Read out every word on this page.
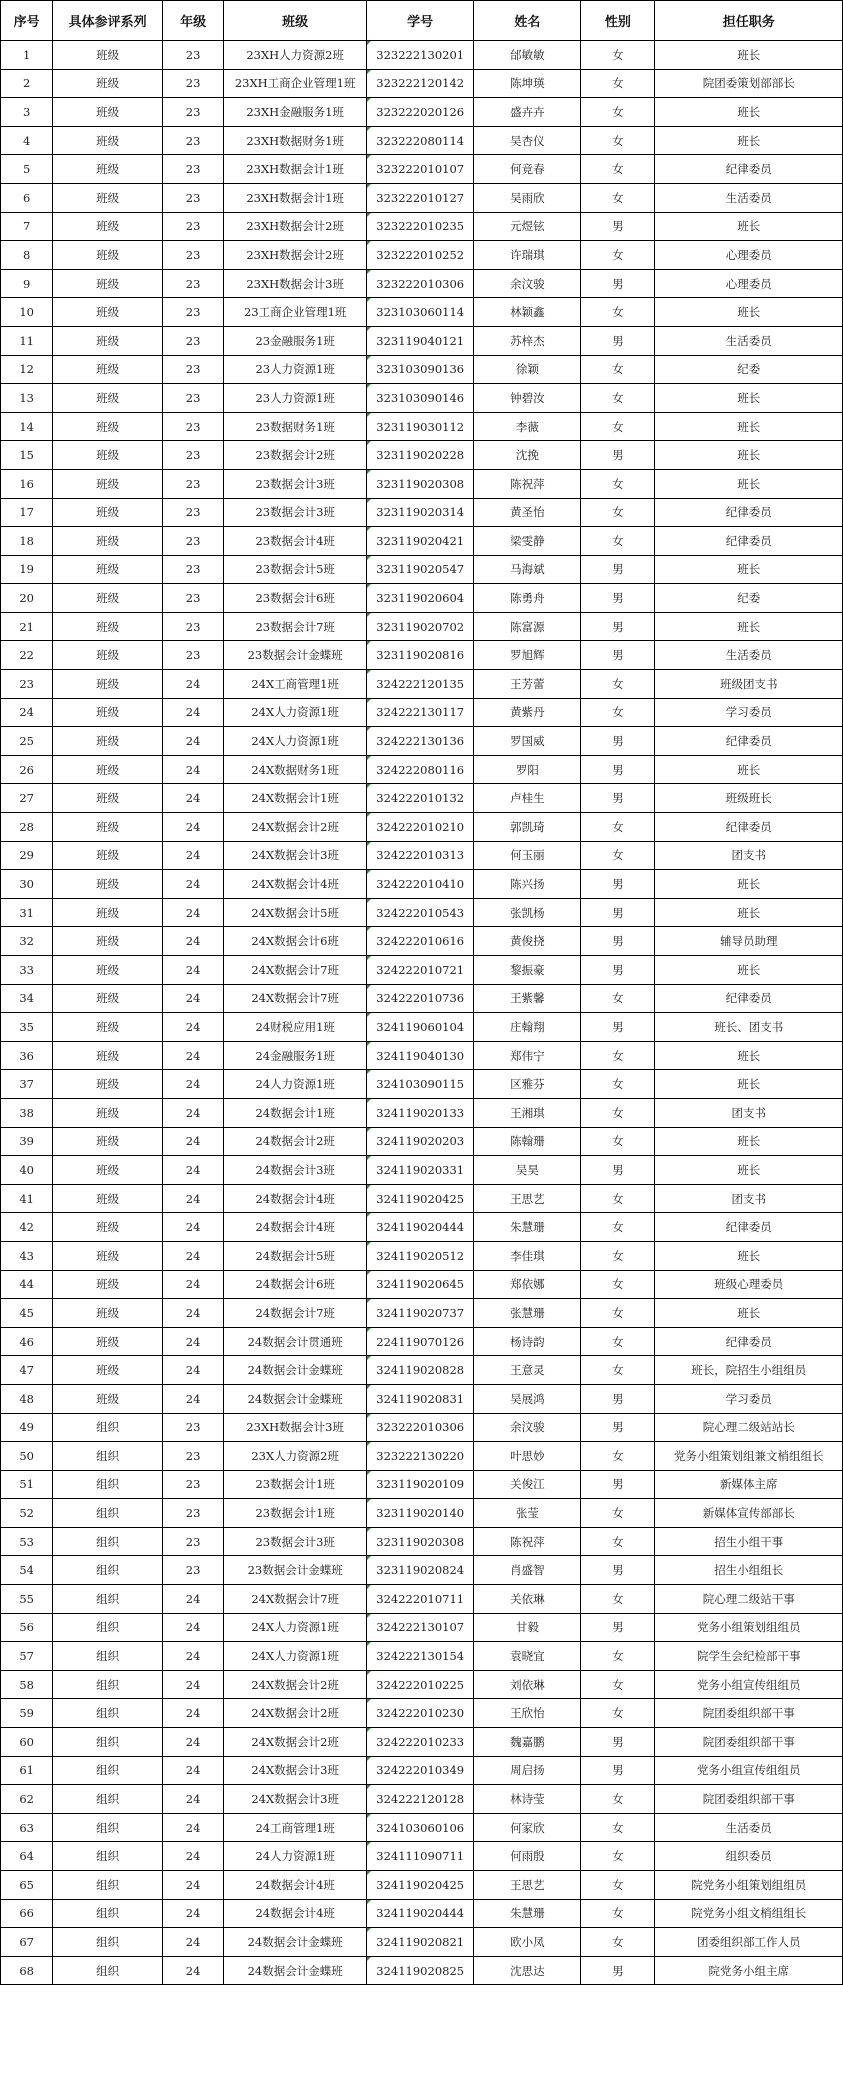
序号	具体参评系列	年级	班级	学号	姓名	性别	担任职务
1	班级	23	23XH人力资源2班	323222130201	邰敏敏	女	班长
2	班级	23	23XH工商企业管理1班	323222120142	陈坤瑛	女	院团委策划部部长
3	班级	23	23XH金融服务1班	323222020126	盛卉卉	女	班长
4	班级	23	23XH数据财务1班	323222080114	吴杏仪	女	班长
5	班级	23	23XH数据会计1班	323222010107	何竞春	女	纪律委员
6	班级	23	23XH数据会计1班	323222010127	吴雨欣	女	生活委员
7	班级	23	23XH数据会计2班	323222010235	元煜铉	男	班长
8	班级	23	23XH数据会计2班	323222010252	许瑞琪	女	心理委员
9	班级	23	23XH数据会计3班	323222010306	余汶骏	男	心理委员
10	班级	23	23工商企业管理1班	323103060114	林颖鑫	女	班长
11	班级	23	23金融服务1班	323119040121	苏梓杰	男	生活委员
12	班级	23	23人力资源1班	323103090136	徐颖	女	纪委
13	班级	23	23人力资源1班	323103090146	钟碧汝	女	班长
14	班级	23	23数据财务1班	323119030112	李薇	女	班长
15	班级	23	23数据会计2班	323119020228	沈挽	男	班长
16	班级	23	23数据会计3班	323119020308	陈祝萍	女	班长
17	班级	23	23数据会计3班	323119020314	黄圣怡	女	纪律委员
18	班级	23	23数据会计4班	323119020421	梁雯静	女	纪律委员
19	班级	23	23数据会计5班	323119020547	马海斌	男	班长
20	班级	23	23数据会计6班	323119020604	陈勇舟	男	纪委
21	班级	23	23数据会计7班	323119020702	陈富源	男	班长
22	班级	23	23数据会计金蝶班	323119020816	罗旭辉	男	生活委员
23	班级	24	24X工商管理1班	324222120135	王芳蕾	女	班级团支书
24	班级	24	24X人力资源1班	324222130117	黄紫丹	女	学习委员
25	班级	24	24X人力资源1班	324222130136	罗国威	男	纪律委员
26	班级	24	24X数据财务1班	324222080116	罗阳	男	班长
27	班级	24	24X数据会计1班	324222010132	卢桂生	男	班级班长
28	班级	24	24X数据会计2班	324222010210	郭凯琦	女	纪律委员
29	班级	24	24X数据会计3班	324222010313	何玉丽	女	团支书
30	班级	24	24X数据会计4班	324222010410	陈兴扬	男	班长
31	班级	24	24X数据会计5班	324222010543	张凯杨	男	班长
32	班级	24	24X数据会计6班	324222010616	黄俊挠	男	辅导员助理
33	班级	24	24X数据会计7班	324222010721	黎振豪	男	班长
34	班级	24	24X数据会计7班	324222010736	王紫馨	女	纪律委员
35	班级	24	24财税应用1班	324119060104	庄翰翔	男	班长、团支书
36	班级	24	24金融服务1班	324119040130	郑伟宁	女	班长
37	班级	24	24人力资源1班	324103090115	区雅芬	女	班长
38	班级	24	24数据会计1班	324119020133	王湘琪	女	团支书
39	班级	24	24数据会计2班	324119020203	陈翰珊	女	班长
40	班级	24	24数据会计3班	324119020331	吴昊	男	班长
41	班级	24	24数据会计4班	324119020425	王思艺	女	团支书
42	班级	24	24数据会计4班	324119020444	朱慧珊	女	纪律委员
43	班级	24	24数据会计5班	324119020512	李佳琪	女	班长
44	班级	24	24数据会计6班	324119020645	郑依娜	女	班级心理委员
45	班级	24	24数据会计7班	324119020737	张慧珊	女	班长
46	班级	24	24数据会计贯通班	224119070126	杨诗韵	女	纪律委员
47	班级	24	24数据会计金蝶班	324119020828	王意灵	女	班长，院招生小组组员
48	班级	24	24数据会计金蝶班	324119020831	吴展鸿	男	学习委员
49	组织	23	23XH数据会计3班	323222010306	余汶骏	男	院心理二级站站长
50	组织	23	23X人力资源2班	323222130220	叶思妙	女	党务小组策划组兼文梢组组长
51	组织	23	23数据会计1班	323119020109	关俊江	男	新媒体主席
52	组织	23	23数据会计1班	323119020140	张莹	女	新媒体宣传部部长
53	组织	23	23数据会计3班	323119020308	陈祝萍	女	招生小组干事
54	组织	23	23数据会计金蝶班	323119020824	肖盛智	男	招生小组组长
55	组织	24	24X数据会计7班	324222010711	关依琳	女	院心理二级站干事
56	组织	24	24X人力资源1班	324222130107	甘毅	男	党务小组策划组组员
57	组织	24	24X人力资源1班	324222130154	袁晓宜	女	院学生会纪检部干事
58	组织	24	24X数据会计2班	324222010225	刘依琳	女	党务小组宣传组组员
59	组织	24	24X数据会计2班	324222010230	王欣怡	女	院团委组织部干事
60	组织	24	24X数据会计2班	324222010233	魏嘉鹏	男	院团委组织部干事
61	组织	24	24X数据会计3班	324222010349	周启扬	男	党务小组宣传组组员
62	组织	24	24X数据会计3班	324222120128	林诗莹	女	院团委组织部干事
63	组织	24	24工商管理1班	324103060106	何家欣	女	生活委员
64	组织	24	24人力资源1班	324111090711	何雨殷	女	组织委员
65	组织	24	24数据会计4班	324119020425	王思艺	女	院党务小组策划组组员
66	组织	24	24数据会计4班	324119020444	朱慧珊	女	院党务小组文梢组组长
67	组织	24	24数据会计金蝶班	324119020821	欧小凤	女	团委组织部工作人员
68	组织	24	24数据会计金蝶班	324119020825	沈思达	男	院党务小组主席
